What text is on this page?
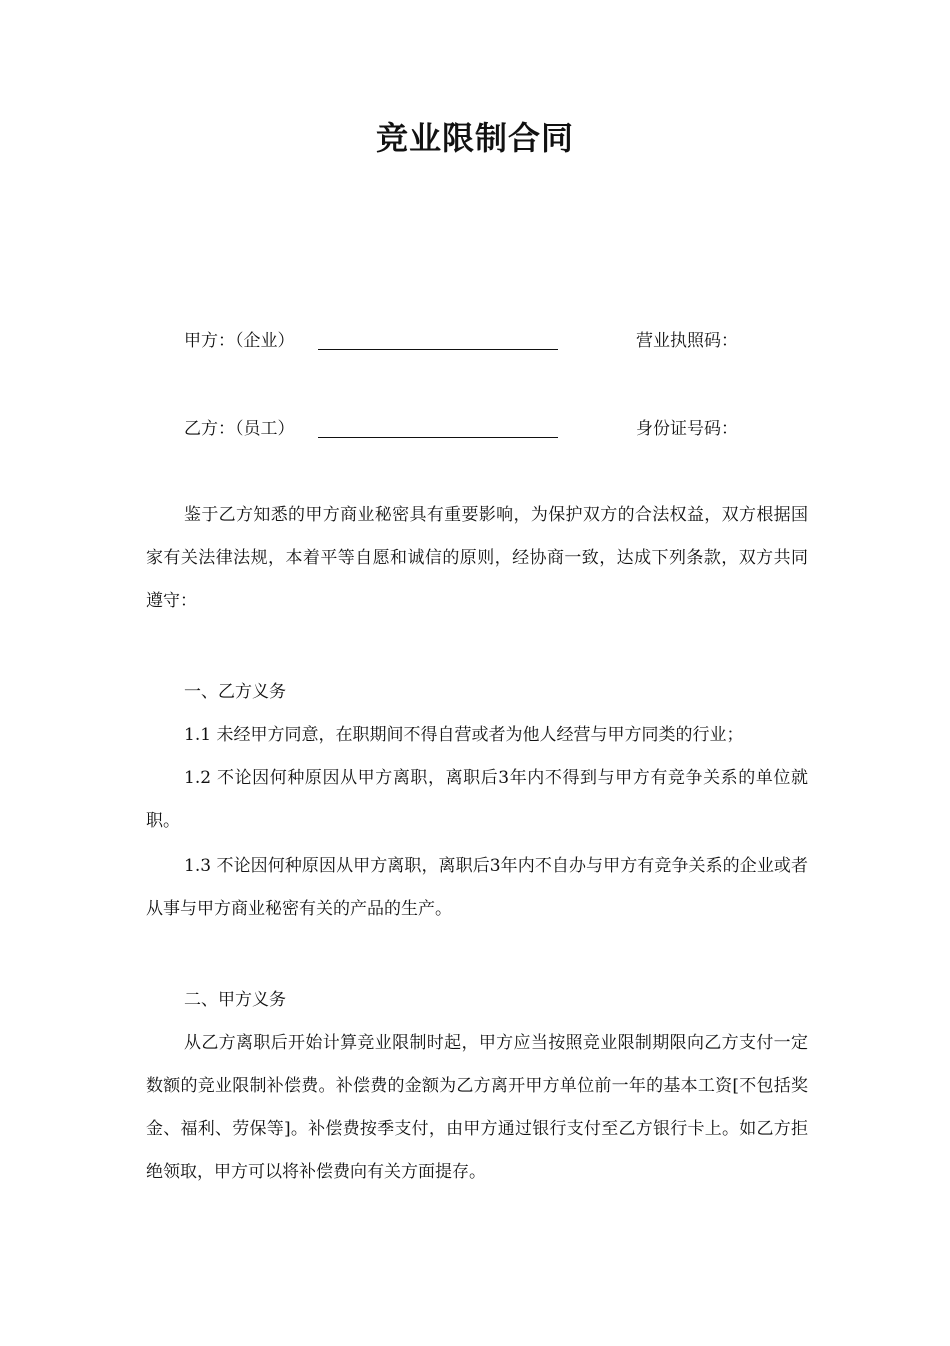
竞业限制合同
甲方：（企业）	营业执照码：
乙方：（员工）	身份证号码：

鉴于乙方知悉的甲方商业秘密具有重要影响，为保护双方的合法权益，双方根据国家有关法律法规，本着平等自愿和诚信的原则，经协商一致，达成下列条款，双方共同遵守：

一、乙方义务

1.1 未经甲方同意，在职期间不得自营或者为他人经营与甲方同类的行业；

1.2 不论因何种原因从甲方离职，离职后3年内不得到与甲方有竞争关系的单位就职。

1.3 不论因何种原因从甲方离职，离职后3年内不自办与甲方有竞争关系的企业或者从事与甲方商业秘密有关的产品的生产。

二、甲方义务

从乙方离职后开始计算竞业限制时起，甲方应当按照竞业限制期限向乙方支付一定数额的竞业限制补偿费。补偿费的金额为乙方离开甲方单位前一年的基本工资[不包括奖金、福利、劳保等]。补偿费按季支付，由甲方通过银行支付至乙方银行卡上。如乙方拒绝领取，甲方可以将补偿费向有关方面提存。
